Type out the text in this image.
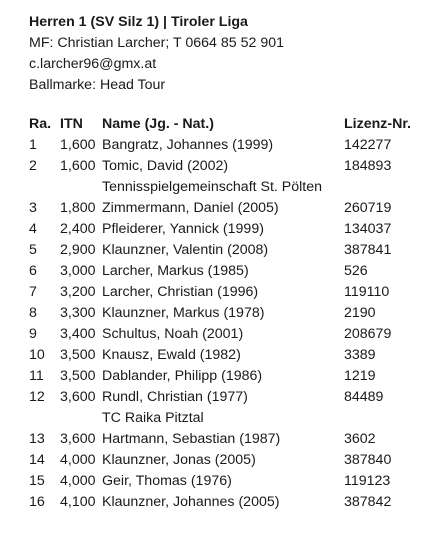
Herren 1 (SV Silz 1) | Tiroler Liga
MF: Christian Larcher; T 0664 85 52 901
c.larcher96@gmx.at
Ballmarke: Head Tour
Ra. ITN Name (Jg. - Nat.)	Lizenz-Nr.
1 1,600 Bangratz, Johannes (1999)	142277
2 1,600 Tomic, David (2002)	184893
Tennisspielgemeinschaft St. Pölten
3 1,800 Zimmermann, Daniel (2005)	260719
4 2,400 Pfleiderer, Yannick (1999)	134037
5 2,900 Klaunzner, Valentin (2008)	387841
6 3,000 Larcher, Markus (1985)	526
7 3,200 Larcher, Christian (1996)	119110
8 3,300 Klaunzner, Markus (1978)	2190
9 3,400 Schultus, Noah (2001)	208679
10 3,500 Knausz, Ewald (1982)	3389
11 3,500 Dablander, Philipp (1986)	1219
12 3,600 Rundl, Christian (1977)	84489
TC Raika Pitztal
13 3,600 Hartmann, Sebastian (1987)	3602
14 4,000 Klaunzner, Jonas (2005)	387840
15 4,000 Geir, Thomas (1976)	119123
16 4,100 Klaunzner, Johannes (2005)	387842
